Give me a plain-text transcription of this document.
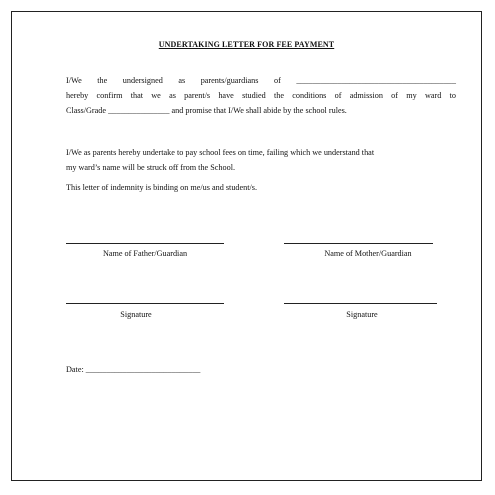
UNDERTAKING LETTER FOR FEE PAYMENT
I/We the undersigned as parents/guardians of _______________________________________
hereby confirm that we as parent/s have studied the conditions of admission of my ward to
Class/Grade _______________ and promise that I/We shall abide by the school rules.
I/We as parents hereby undertake to pay school fees on time, failing which we understand that
my ward’s name will be struck off from the School.
This letter of indemnity is binding on me/us and student/s.
Name of Father/Guardian	Name of Mother/Guardian
Signature	Signature
Date: ____________________________
